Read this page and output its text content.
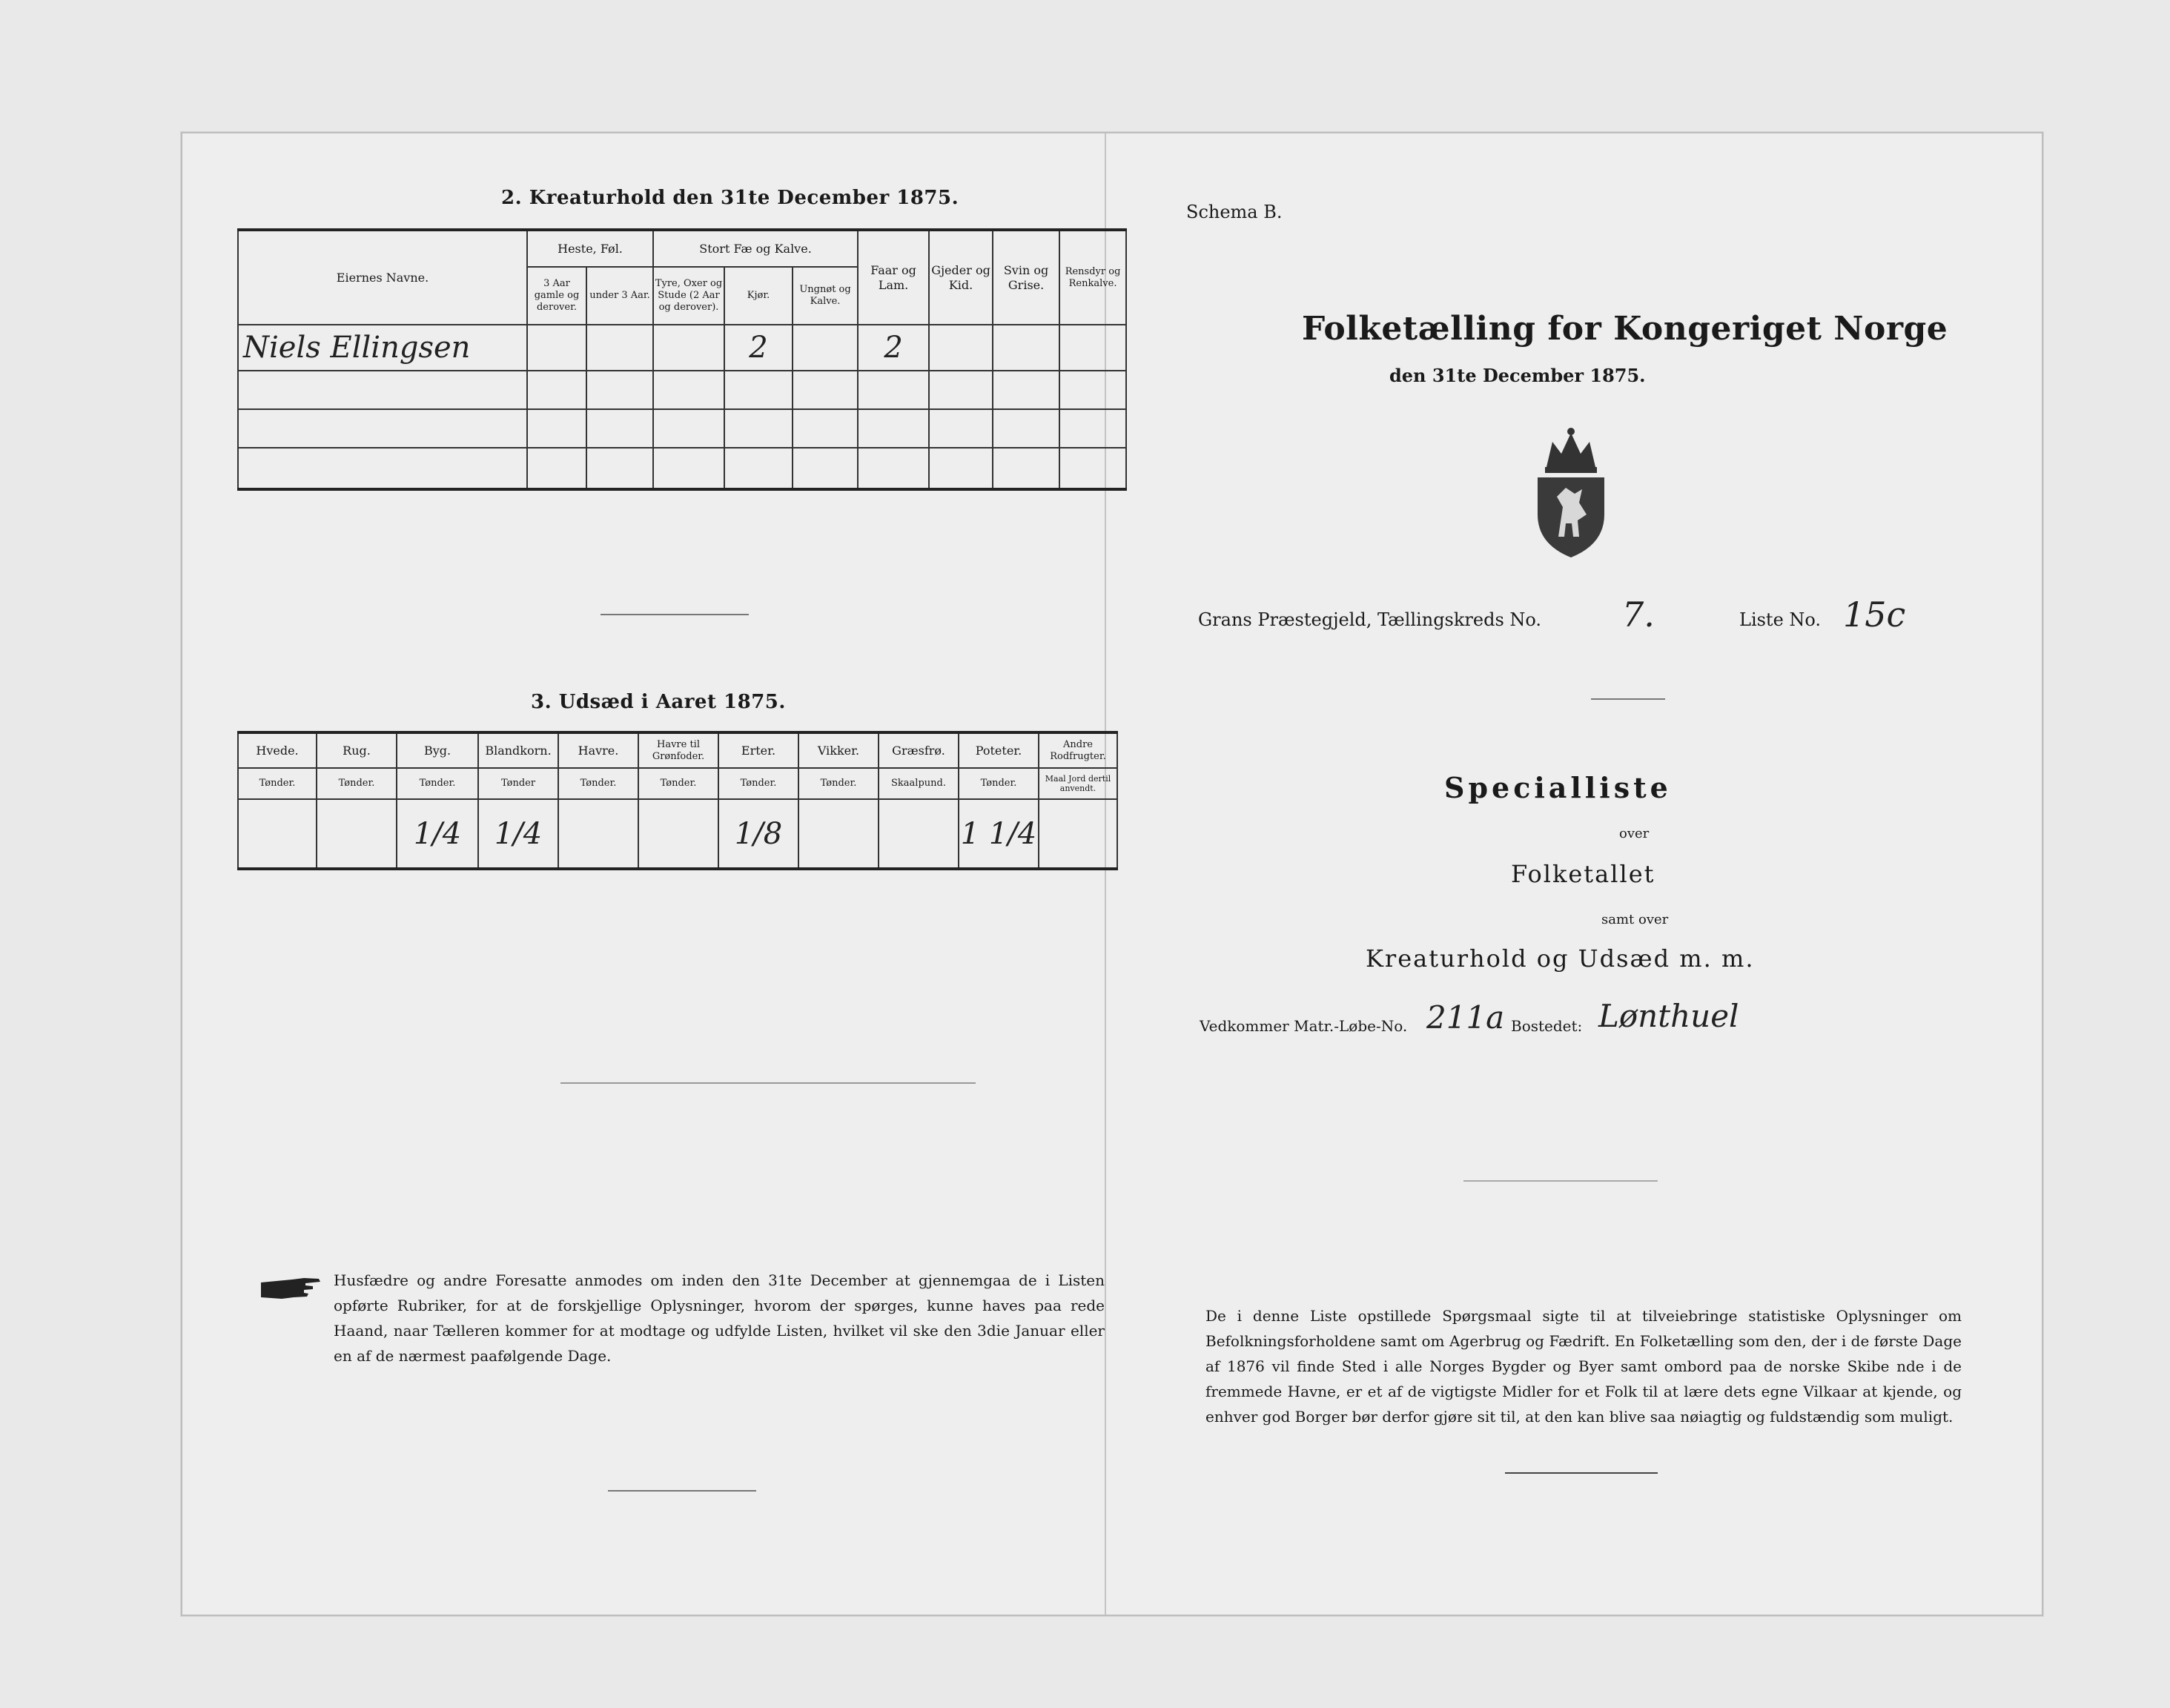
2. Kreaturhold den 31te December 1875.
Eiernes Navne.	Heste, Føl.		Stort Fæ og Kalve.			Faar og Lam.	Gjeder og Kid.	Svin og Grise.	Rensdyr og Renkalve.
	3 Aar gamle og derover.	under 3 Aar.	Tyre, Oxer og Stude (2 Aar og derover).	Kjør.	Ungnøt og Kalve.				
Niels Ellingsen				2		2			

3. Udsæd i Aaret 1875.
Hvede.	Rug.	Byg.	Blandkorn.	Havre.	Havre til Grønfoder.	Erter.	Vikker.	Græsfrø.	Poteter.	Andre Rodfrugter.
Tønder.	Tønder.	Tønder.	Tønder	Tønder.	Tønder.	Tønder.	Tønder.	Skaalpund.	Tønder.	Maal Jord dertil anvendt.
		1/4	1/4			1/8			1 1/4	
Husfædre og andre Foresatte anmodes om inden den 31te December at gjennemgaa de i Listen opførte Rubriker, for at de forskjellige Oplysninger, hvorom der spørges, kunne haves paa rede Haand, naar Tælleren kommer for at modtage og udfylde Listen, hvilket vil ske den 3die Januar eller en af de nærmest paafølgende Dage.
Schema B.
Folketælling for Kongeriget Norge
den 31te December 1875.
Grans Præstegjeld, Tællingskreds No. 7.	Liste No. 15c
Specialliste
over
Folketallet
samt over
Kreaturhold og Udsæd m. m.
Vedkommer Matr.-Løbe-No. 211a Bostedet: Lønthuel
De i denne Liste opstillede Spørgsmaal sigte til at tilveiebringe statistiske Oplysninger om Befolkningsforholdene samt om Agerbrug og Fædrift. En Folketælling som den, der i de første Dage af 1876 vil finde Sted i alle Norges Bygder og Byer samt ombord paa de norske Skibe nde i de fremmede Havne, er et af de vigtigste Midler for et Folk til at lære dets egne Vilkaar at kjende, og enhver god Borger bør derfor gjøre sit til, at den kan blive saa nøiagtig og fuldstændig som muligt.
